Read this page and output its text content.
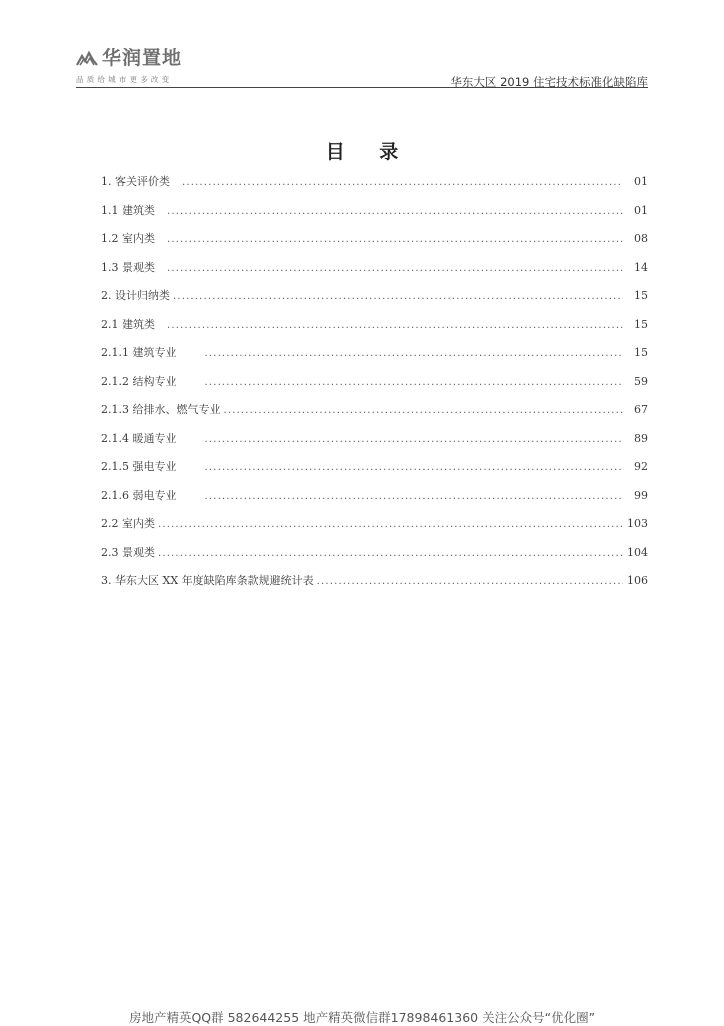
华润置地
品质给城市更多改变	华东大区 2019 住宅技术标准化缺陷库
目 录
1. 客关评价类 . . .	01
1.1 建筑类 . . .	01
1.2 室内类 . . .	08
1.3 景观类 . . .	14
2. 设计归纳类 . . .	15
2.1 建筑类 . . .	15
2.1.1 建筑专业 . . .	15
2.1.2 结构专业 . . .	59
2.1.3 给排水、燃气专业 . . .	67
2.1.4 暖通专业 . . .	89
2.1.5 强电专业 . . .	92
2.1.6 弱电专业 . . .	99
2.2 室内类 . . .	103
2.3 景观类 . . .	104
3. 华东大区 XX 年度缺陷库条款规避统计表 . . .	106
房地产精英QQ群 582644255 地产精英微信群17898461360 关注公众号“优化圈”
